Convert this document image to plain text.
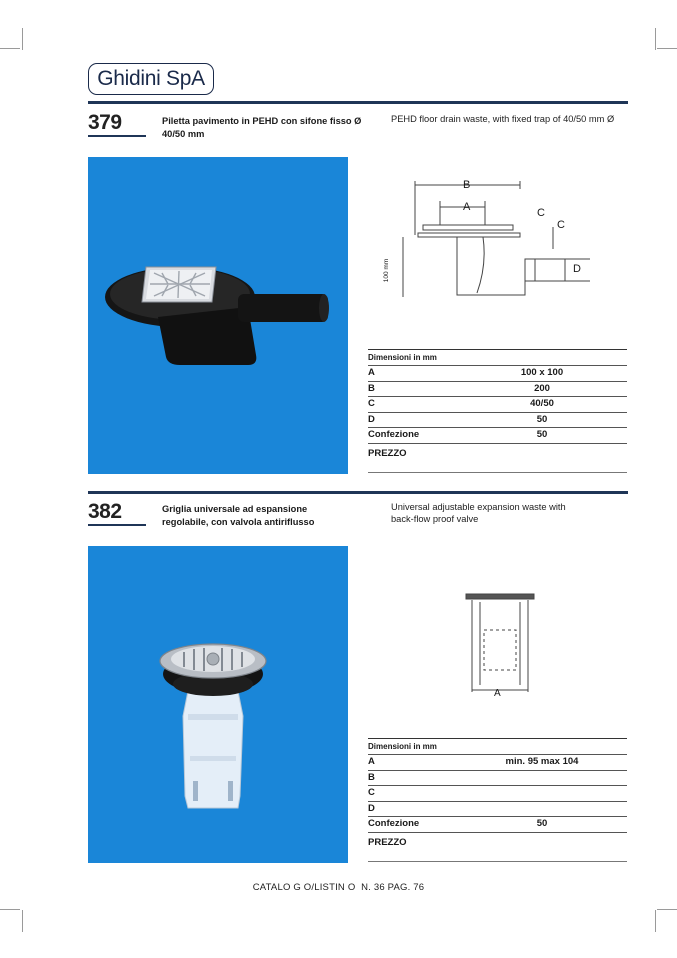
Ghidini SpA
379	Piletta pavimento in PEHD con sifone fisso Ø 40/50 mm
PEHD floor drain waste, with fixed trap of 40/50 mm Ø
B
A	C
C
D
100 mm
Dimensioni in mm
A	100 x 100
B	200
C	40/50
D	50
Confezione	50
PREZZO
382	Griglia universale ad espansione regolabile, con valvola antiriflusso
Universal adjustable expansion waste with back-flow proof valve
A
Dimensioni in mm
A	min. 95 max 104
B
C
D
Confezione	50
PREZZO
CATALO G O/LISTIN O  N. 36 PAG. 76
